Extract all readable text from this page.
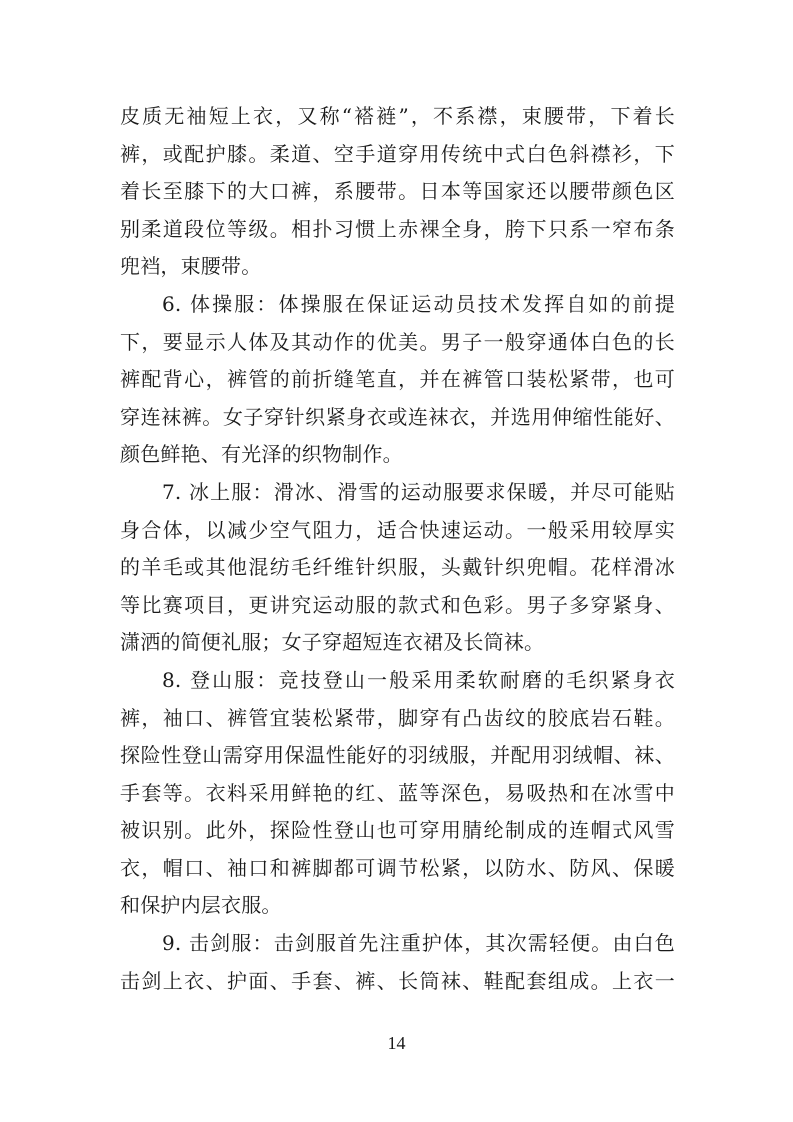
皮质无袖短上衣，又称“褡裢”，不系襟，束腰带，下着长
裤，或配护膝。柔道、空手道穿用传统中式白色斜襟衫，下
着长至膝下的大口裤，系腰带。日本等国家还以腰带颜色区
别柔道段位等级。相扑习惯上赤裸全身，胯下只系一窄布条
兜裆，束腰带。
6. 体操服：体操服在保证运动员技术发挥自如的前提
下，要显示人体及其动作的优美。男子一般穿通体白色的长
裤配背心，裤管的前折缝笔直，并在裤管口装松紧带，也可
穿连袜裤。女子穿针织紧身衣或连袜衣，并选用伸缩性能好、
颜色鲜艳、有光泽的织物制作。
7. 冰上服：滑冰、滑雪的运动服要求保暖，并尽可能贴
身合体，以减少空气阻力，适合快速运动。一般采用较厚实
的羊毛或其他混纺毛纤维针织服，头戴针织兜帽。花样滑冰
等比赛项目，更讲究运动服的款式和色彩。男子多穿紧身、
潇洒的简便礼服；女子穿超短连衣裙及长筒袜。
8. 登山服：竞技登山一般采用柔软耐磨的毛织紧身衣
裤，袖口、裤管宜装松紧带，脚穿有凸齿纹的胶底岩石鞋。
探险性登山需穿用保温性能好的羽绒服，并配用羽绒帽、袜、
手套等。衣料采用鲜艳的红、蓝等深色，易吸热和在冰雪中
被识别。此外，探险性登山也可穿用腈纶制成的连帽式风雪
衣，帽口、袖口和裤脚都可调节松紧，以防水、防风、保暖
和保护内层衣服。
9. 击剑服：击剑服首先注重护体，其次需轻便。由白色
击剑上衣、护面、手套、裤、长筒袜、鞋配套组成。上衣一
14
